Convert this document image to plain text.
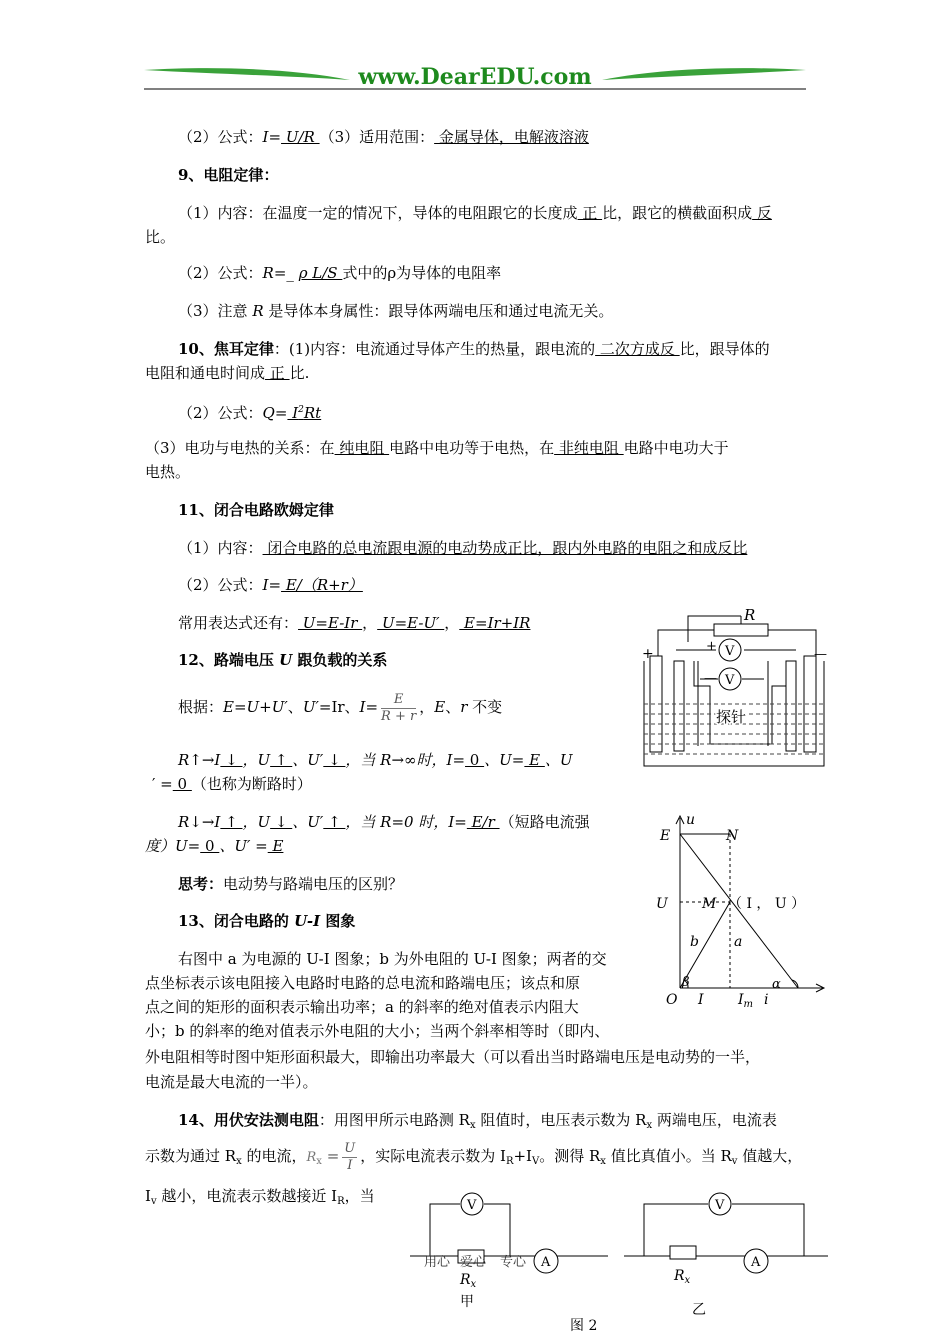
www.DearEDU.com
（2）公式：I= U/R （3）适用范围： 金属导体，电解液溶液
9、电阻定律：
（1）内容：在温度一定的情况下，导体的电阻跟它的长度成 正 比，跟它的横截面积成 反
比。
（2）公式：R=_ ρ L/S 式中的ρ为导体的电阻率
（3）注意 R 是导体本身属性：跟导体两端电压和通过电流无关。
10、焦耳定律：(1)内容：电流通过导体产生的热量，跟电流的 二次方成反 比，跟导体的
电阻和通电时间成 正 比.
（2）公式：$Q= I^2Rt$
（3）电功与电热的关系：在 纯电阻 电路中电功等于电热，在 非纯电阻 电路中电功大于
电热。
11、闭合电路欧姆定律
（1）内容： 闭合电路的总电流跟电源的电动势成正比，跟内外电路的电阻之和成反比
（2）公式：I= E/（R+r）
常用表达式还有： U=E-Ir ， U=E-U′ ， E=Ir+IR
12、路端电压 U 跟负载的关系
根据：E=U+U′、U′=Ir、$I= \frac{E}{R + r}$ ，E、r 不变
R↑→I ↓ ，U ↑ 、U′ ↓ ，当 R→∞时，I= 0 、U= E 、U
′ = 0 （也称为断路时）
R↓→I ↑ ，U ↓ 、U′ ↑ ，当 R=0 时，I= E/r （短路电流强
度）U= 0 、U′ = E
思考：电动势与路端电压的区别？
13、闭合电路的 U-I 图象
右图中 a 为电源的 U-I 图象；b 为外电阻的 U-I 图象；两者的交
点坐标表示该电阻接入电路时电路的总电流和路端电压；该点和原
点之间的矩形的面积表示输出功率；a 的斜率的绝对值表示内阻大
小；b 的斜率的绝对值表示外电阻的大小；当两个斜率相等时（即内、
外电阻相等时图中矩形面积最大，即输出功率最大（可以看出当时路端电压是电动势的一半，
电流是最大电流的一半）。
14、用伏安法测电阻：用图甲所示电路测 $R_x$ 阻值时，电压表示数为 $R_x$ 两端电压，电流表
示数为通过 $R_x$ 的电流，$R_x = \frac{U}{I}$ ，实际电流表示数为 $I_R+I_V$。测得 $R_x$ 值比真值小。当 $R_v$ 值越大，
$I_v$ 越小，电流表示数越接近 $I_R$，当
R
V
V
+	+
—
—
探针
u
i
E	N
U M （ I ， U ）
b	a
β	α
O I $I_m$
V	V
A	A
用心 爱心 专心
$R_x$
$R_x$
甲	乙
图 2
